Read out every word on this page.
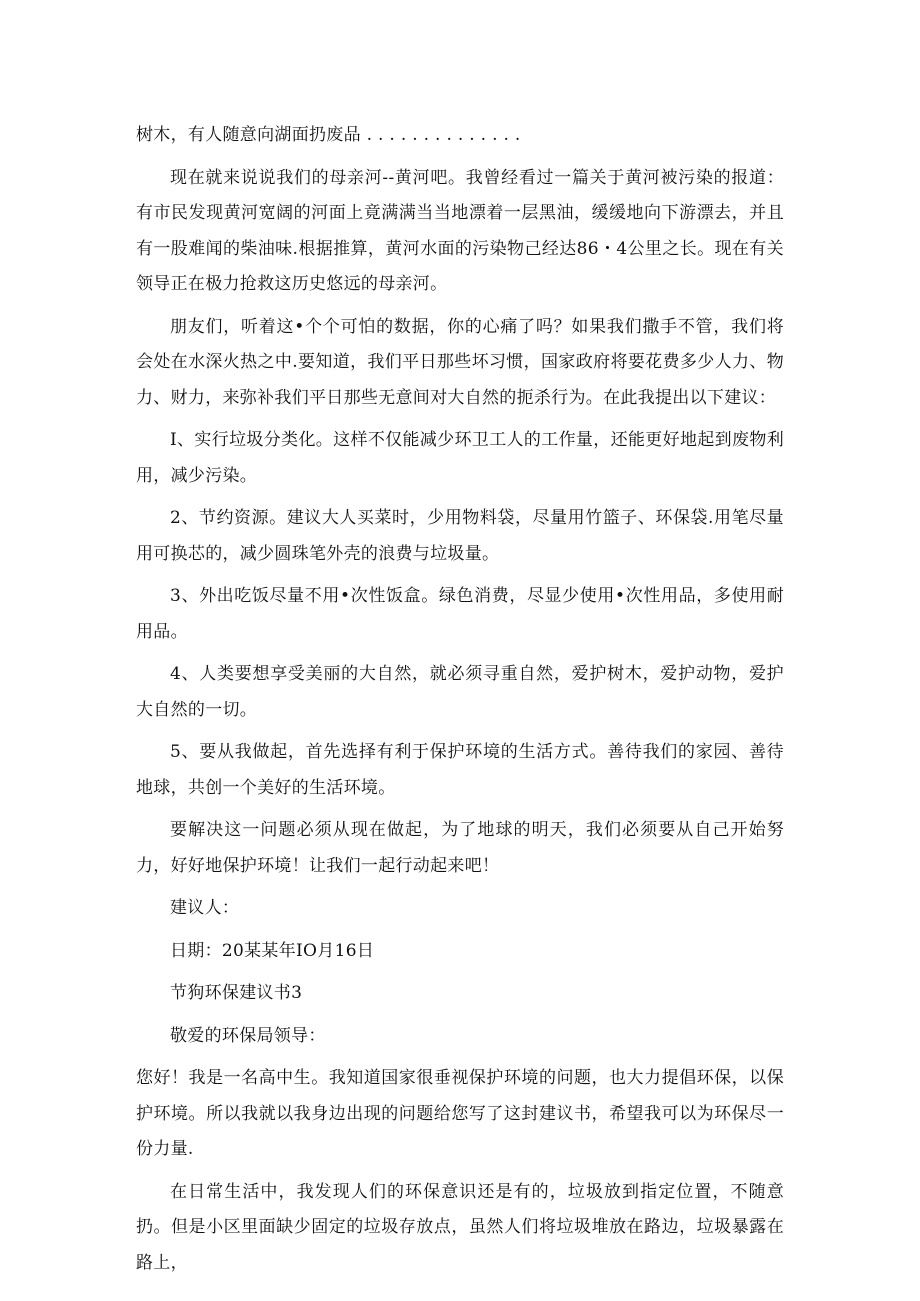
树木，有人随意向湖面扔废品 . . . . . . . . . . . . . .

现在就来说说我们的母亲河--黄河吧。我曾经看过一篇关于黄河被污染的报道：有市民发现黄河宽阔的河面上竟满满当当地漂着一层黑油，缓缓地向下游漂去，并且有一股难闻的柴油味.根据推算，黄河水面的污染物己经达86・4公里之长。现在有关领导正在极力抢救这历史悠远的母亲河。

朋友们，听着这•个个可怕的数据，你的心痛了吗？如果我们撒手不管，我们将会处在水深火热之中.要知道，我们平日那些坏习惯，国家政府将要花费多少人力、物力、财力，来弥补我们平日那些无意间对大自然的扼杀行为。在此我提出以下建议：

I、实行垃圾分类化。这样不仅能减少环卫工人的工作量，还能更好地起到废物利用，减少污染。

2、节约资源。建议大人买菜时，少用物料袋，尽量用竹篮子、环保袋.用笔尽量用可换芯的，减少圆珠笔外壳的浪费与垃圾量。

3、外出吃饭尽量不用•次性饭盒。绿色消费，尽显少使用•次性用品，多使用耐用品。

4、人类要想享受美丽的大自然，就必须寻重自然，爱护树木，爱护动物，爱护大自然的一切。

5、要从我做起，首先选择有利于保护环境的生活方式。善待我们的家园、善待地球，共创一个美好的生活环境。

要解决这一问题必须从现在做起，为了地球的明天，我们必须要从自己开始努力，好好地保护环境！让我们一起行动起来吧！

建议人：

日期：20某某年IO月16日

节狗环保建议书3

敬爱的环保局领导：

您好！我是一名高中生。我知道国家很垂视保护环境的问题，也大力提倡环保，以保护环境。所以我就以我身边出现的问题给您写了这封建议书，希望我可以为环保尽一份力量.

在日常生活中，我发现人们的环保意识还是有的，垃圾放到指定位置，不随意扔。但是小区里面缺少固定的垃圾存放点，虽然人们将垃圾堆放在路边，垃圾暴露在路上，
